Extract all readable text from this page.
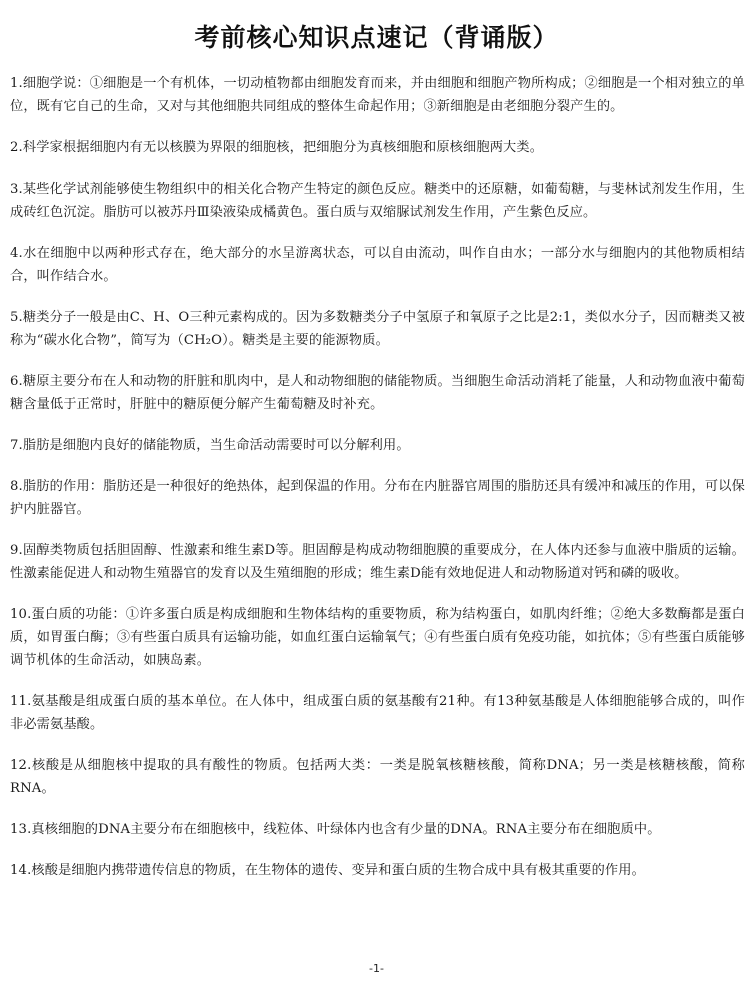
考前核心知识点速记（背诵版）

1.细胞学说：①细胞是一个有机体，一切动植物都由细胞发育而来，并由细胞和细胞产物所构成；②细胞是一个相对独立的单位，既有它自己的生命，又对与其他细胞共同组成的整体生命起作用；③新细胞是由老细胞分裂产生的。

2.科学家根据细胞内有无以核膜为界限的细胞核，把细胞分为真核细胞和原核细胞两大类。

3.某些化学试剂能够使生物组织中的相关化合物产生特定的颜色反应。糖类中的还原糖，如葡萄糖，与斐林试剂发生作用，生成砖红色沉淀。脂肪可以被苏丹Ⅲ染液染成橘黄色。蛋白质与双缩脲试剂发生作用，产生紫色反应。

4.水在细胞中以两种形式存在，绝大部分的水呈游离状态，可以自由流动，叫作自由水；一部分水与细胞内的其他物质相结合，叫作结合水。

5.糖类分子一般是由C、H、O三种元素构成的。因为多数糖类分子中氢原子和氧原子之比是2:1，类似水分子，因而糖类又被称为“碳水化合物”，简写为（CH₂O）。糖类是主要的能源物质。

6.糖原主要分布在人和动物的肝脏和肌肉中，是人和动物细胞的储能物质。当细胞生命活动消耗了能量，人和动物血液中葡萄糖含量低于正常时，肝脏中的糖原便分解产生葡萄糖及时补充。

7.脂肪是细胞内良好的储能物质，当生命活动需要时可以分解利用。

8.脂肪的作用：脂肪还是一种很好的绝热体，起到保温的作用。分布在内脏器官周围的脂肪还具有缓冲和减压的作用，可以保护内脏器官。

9.固醇类物质包括胆固醇、性激素和维生素D等。胆固醇是构成动物细胞膜的重要成分，在人体内还参与血液中脂质的运输。性激素能促进人和动物生殖器官的发育以及生殖细胞的形成；维生素D能有效地促进人和动物肠道对钙和磷的吸收。

10.蛋白质的功能：①许多蛋白质是构成细胞和生物体结构的重要物质，称为结构蛋白，如肌肉纤维；②绝大多数酶都是蛋白质，如胃蛋白酶；③有些蛋白质具有运输功能，如血红蛋白运输氧气；④有些蛋白质有免疫功能，如抗体；⑤有些蛋白质能够调节机体的生命活动，如胰岛素。

11.氨基酸是组成蛋白质的基本单位。在人体中，组成蛋白质的氨基酸有21种。有13种氨基酸是人体细胞能够合成的，叫作非必需氨基酸。

12.核酸是从细胞核中提取的具有酸性的物质。包括两大类：一类是脱氧核糖核酸，简称DNA；另一类是核糖核酸，简称RNA。

13.真核细胞的DNA主要分布在细胞核中，线粒体、叶绿体内也含有少量的DNA。RNA主要分布在细胞质中。

14.核酸是细胞内携带遗传信息的物质，在生物体的遗传、变异和蛋白质的生物合成中具有极其重要的作用。

-1-
